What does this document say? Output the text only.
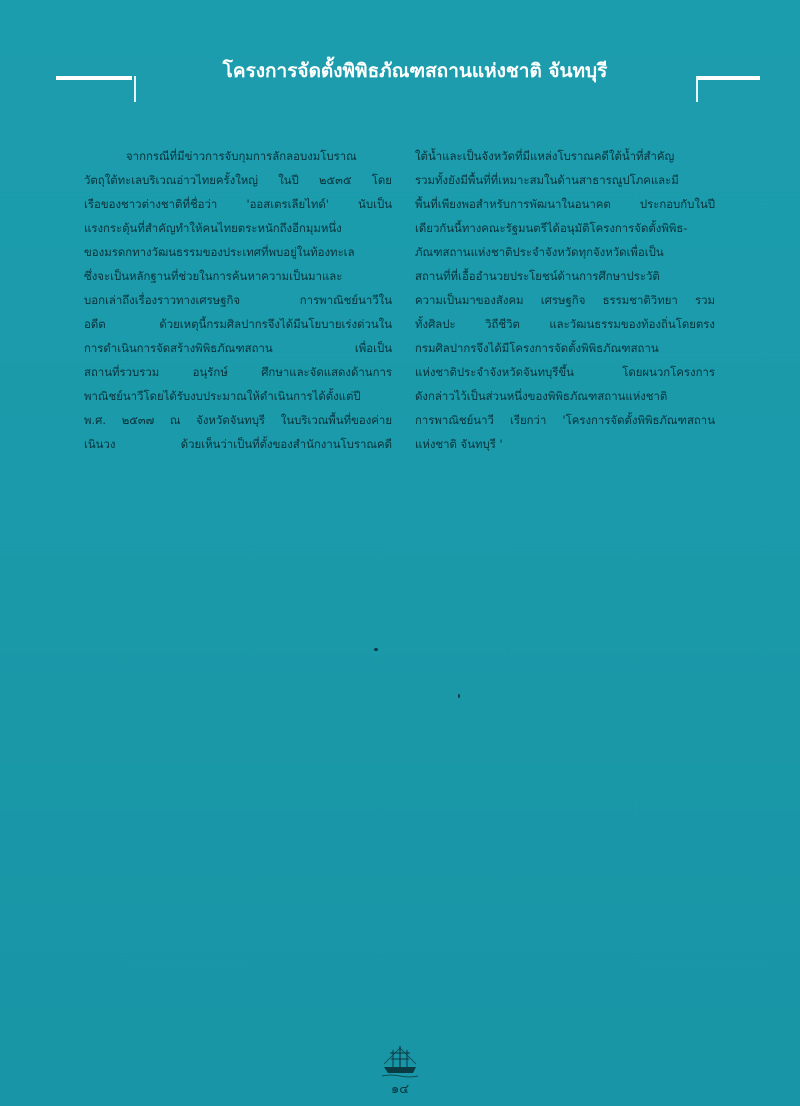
โครงการจัดตั้งพิพิธภัณฑสถานแห่งชาติ จันทบุรี
จากกรณีที่มีข่าวการจับกุมการลักลอบงมโบราณ
วัตถุใต้ทะเลบริเวณอ่าวไทยครั้งใหญ่ ในปี ๒๕๓๕ โดย
เรือของชาวต่างชาติที่ชื่อว่า 'ออสเตรเลียไทด์' นับเป็น
แรงกระตุ้นที่สำคัญทำให้คนไทยตระหนักถึงอีกมุมหนึ่ง
ของมรดกทางวัฒนธรรมของประเทศที่พบอยู่ในท้องทะเล
ซึ่งจะเป็นหลักฐานที่ช่วยในการค้นหาความเป็นมาและ
บอกเล่าถึงเรื่องราวทางเศรษฐกิจ การพาณิชย์นาวีใน
อดีต ด้วยเหตุนี้กรมศิลปากรจึงได้มีนโยบายเร่งด่วนใน
การดำเนินการจัดสร้างพิพิธภัณฑสถาน เพื่อเป็น
สถานที่รวบรวม อนุรักษ์ ศึกษาและจัดแสดงด้านการ
พาณิชย์นาวีโดยได้รับงบประมาณให้ดำเนินการได้ตั้งแต่ปี
พ.ศ. ๒๕๓๗ ณ จังหวัดจันทบุรี ในบริเวณพื้นที่ของค่าย
เนินวง ด้วยเห็นว่าเป็นที่ตั้งของสำนักงานโบราณคดี
ใต้น้ำและเป็นจังหวัดที่มีแหล่งโบราณคดีใต้น้ำที่สำคัญ
รวมทั้งยังมีพื้นที่ที่เหมาะสมในด้านสาธารณูปโภคและมี
พื้นที่เพียงพอสำหรับการพัฒนาในอนาคต ประกอบกับในปี
เดียวกันนี้ทางคณะรัฐมนตรีได้อนุมัติโครงการจัดตั้งพิพิธ-
ภัณฑสถานแห่งชาติประจำจังหวัดทุกจังหวัดเพื่อเป็น
สถานที่ที่เอื้ออำนวยประโยชน์ด้านการศึกษาประวัติ
ความเป็นมาของสังคม เศรษฐกิจ ธรรมชาติวิทยา รวม
ทั้งศิลปะ วิถีชีวิต และวัฒนธรรมของท้องถิ่นโดยตรง
กรมศิลปากรจึงได้มีโครงการจัดตั้งพิพิธภัณฑสถาน
แห่งชาติประจำจังหวัดจันทบุรีขึ้น โดยผนวกโครงการ
ดังกล่าวไว้เป็นส่วนหนึ่งของพิพิธภัณฑสถานแห่งชาติ
การพาณิชย์นาวี เรียกว่า 'โครงการจัดตั้งพิพิธภัณฑสถาน
แห่งชาติ จันทบุรี '
๑๔
